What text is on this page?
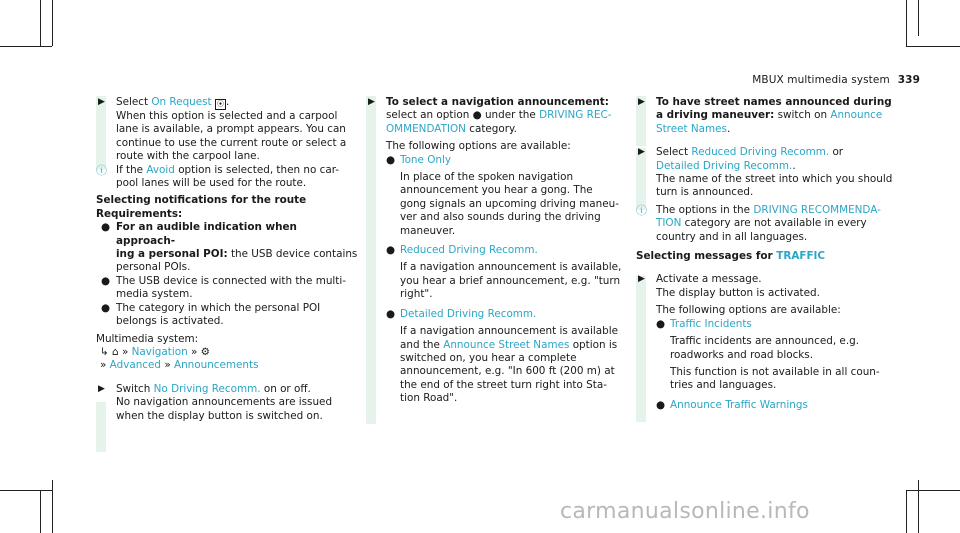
MBUX multimedia system 339
▶ Select On Request ⦿ .

When this option is selected and a carpool

lane is available, a prompt appears. You can

continue to use the current route or select a

route with the carpool lane.

ⓘ If the Avoid option is selected, then no car-

pool lanes will be used for the route.

Selecting notifications for the route

Requirements:

● For an audible indication when approach-

ing a personal POI: the USB device contains

personal POIs.

● The USB device is connected with the multi-

media system.

● The category in which the personal POI

belongs is activated.

Multimedia system:

↳ ⌂ » Navigation » ⚙

» Advanced » Announcements

▶ Switch No Driving Recomm. on or off.

No navigation announcements are issued

when the display button is switched on.

▶ To select a navigation announcement:

select an option ● under the DRIVING REC-

OMMENDATION category.

The following options are available:

● Tone Only

In place of the spoken navigation

announcement you hear a gong. The

gong signals an upcoming driving maneu-

ver and also sounds during the driving

maneuver.

● Reduced Driving Recomm.

If a navigation announcement is available,

you hear a brief announcement, e.g. "turn

right".

● Detailed Driving Recomm.

If a navigation announcement is available

and the Announce Street Names option is

switched on, you hear a complete

announcement, e.g. "In 600 ft (200 m) at

the end of the street turn right into Sta-

tion Road".

▶ To have street names announced during

a driving maneuver: switch on Announce

Street Names.

▶ Select Reduced Driving Recomm. or

Detailed Driving Recomm..

The name of the street into which you should

turn is announced.

ⓘ The options in the DRIVING RECOMMENDA-

TION category are not available in every

country and in all languages.

Selecting messages for TRAFFIC

▶ Activate a message.

The display button is activated.

The following options are available:

● Traffic Incidents

Traffic incidents are announced, e.g.

roadworks and road blocks.

This function is not available in all coun-

tries and languages.

● Announce Traffic Warnings

carmanualsonline.info
